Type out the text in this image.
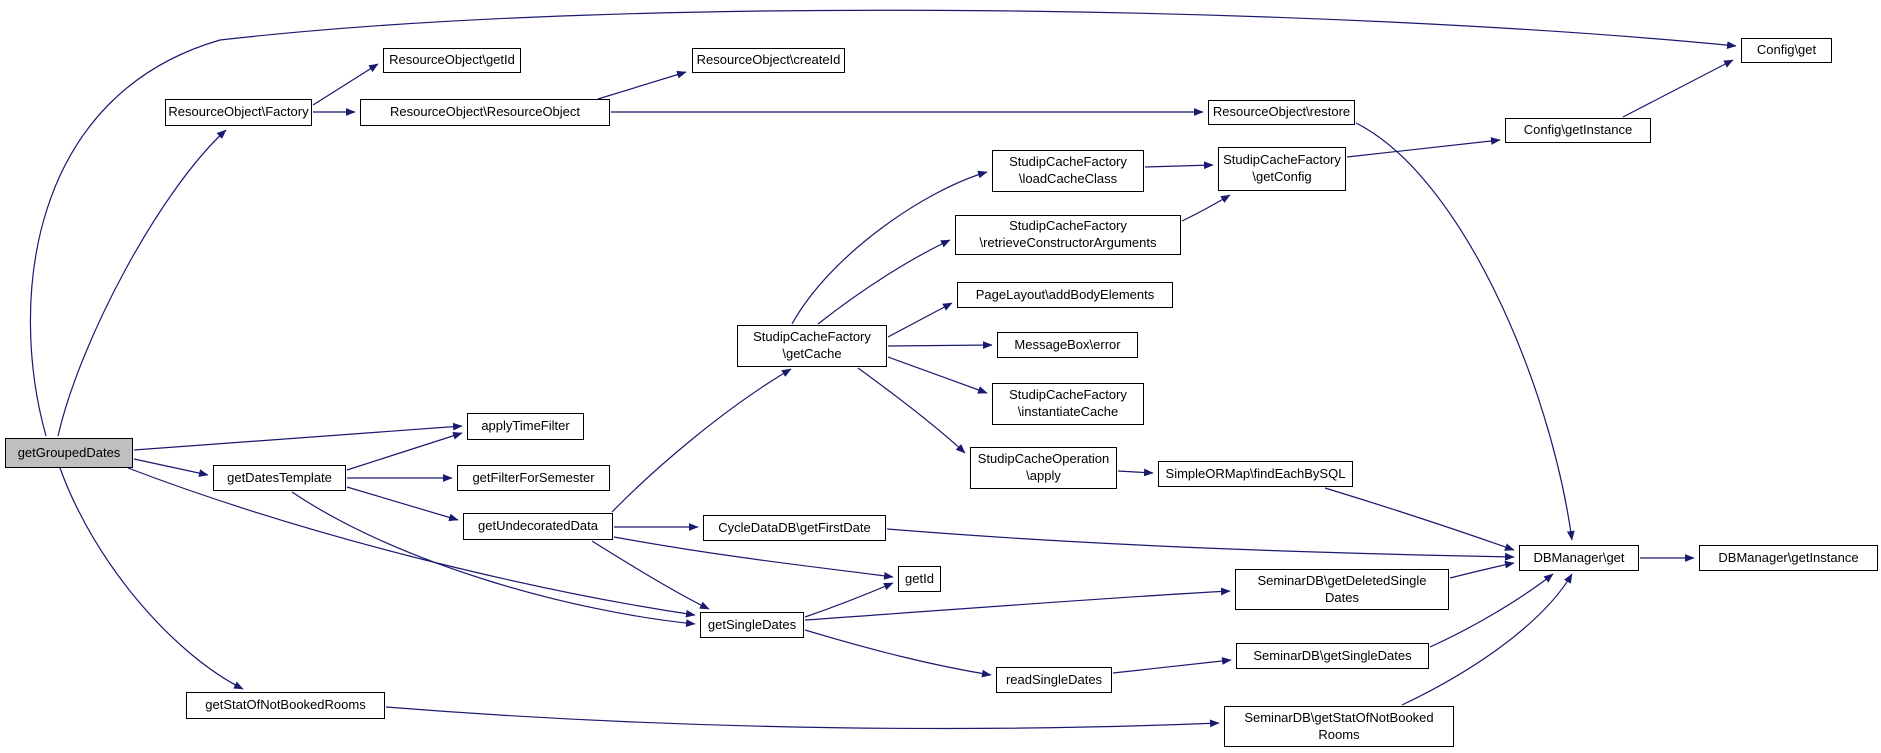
getGroupedDates
ResourceObject\Factory
ResourceObject\getId
ResourceObject\ResourceObject
ResourceObject\createId
ResourceObject\restore
Config\getInstance
Config\get
StudipCacheFactory
\loadCacheClass
StudipCacheFactory
\getConfig
StudipCacheFactory
\retrieveConstructorArguments
PageLayout\addBodyElements
MessageBox\error
StudipCacheFactory
\instantiateCache
StudipCacheFactory
\getCache
StudipCacheOperation
\apply	SimpleORMap\findEachBySQL
applyTimeFilter
getDatesTemplate	getFilterForSemester
getUndecoratedData	CycleDataDB\getFirstDate
getId
getSingleDates
readSingleDates
SeminarDB\getDeletedSingle
Dates
SeminarDB\getSingleDates
SeminarDB\getStatOfNotBooked
Rooms
getStatOfNotBookedRooms
DBManager\get	DBManager\getInstance
